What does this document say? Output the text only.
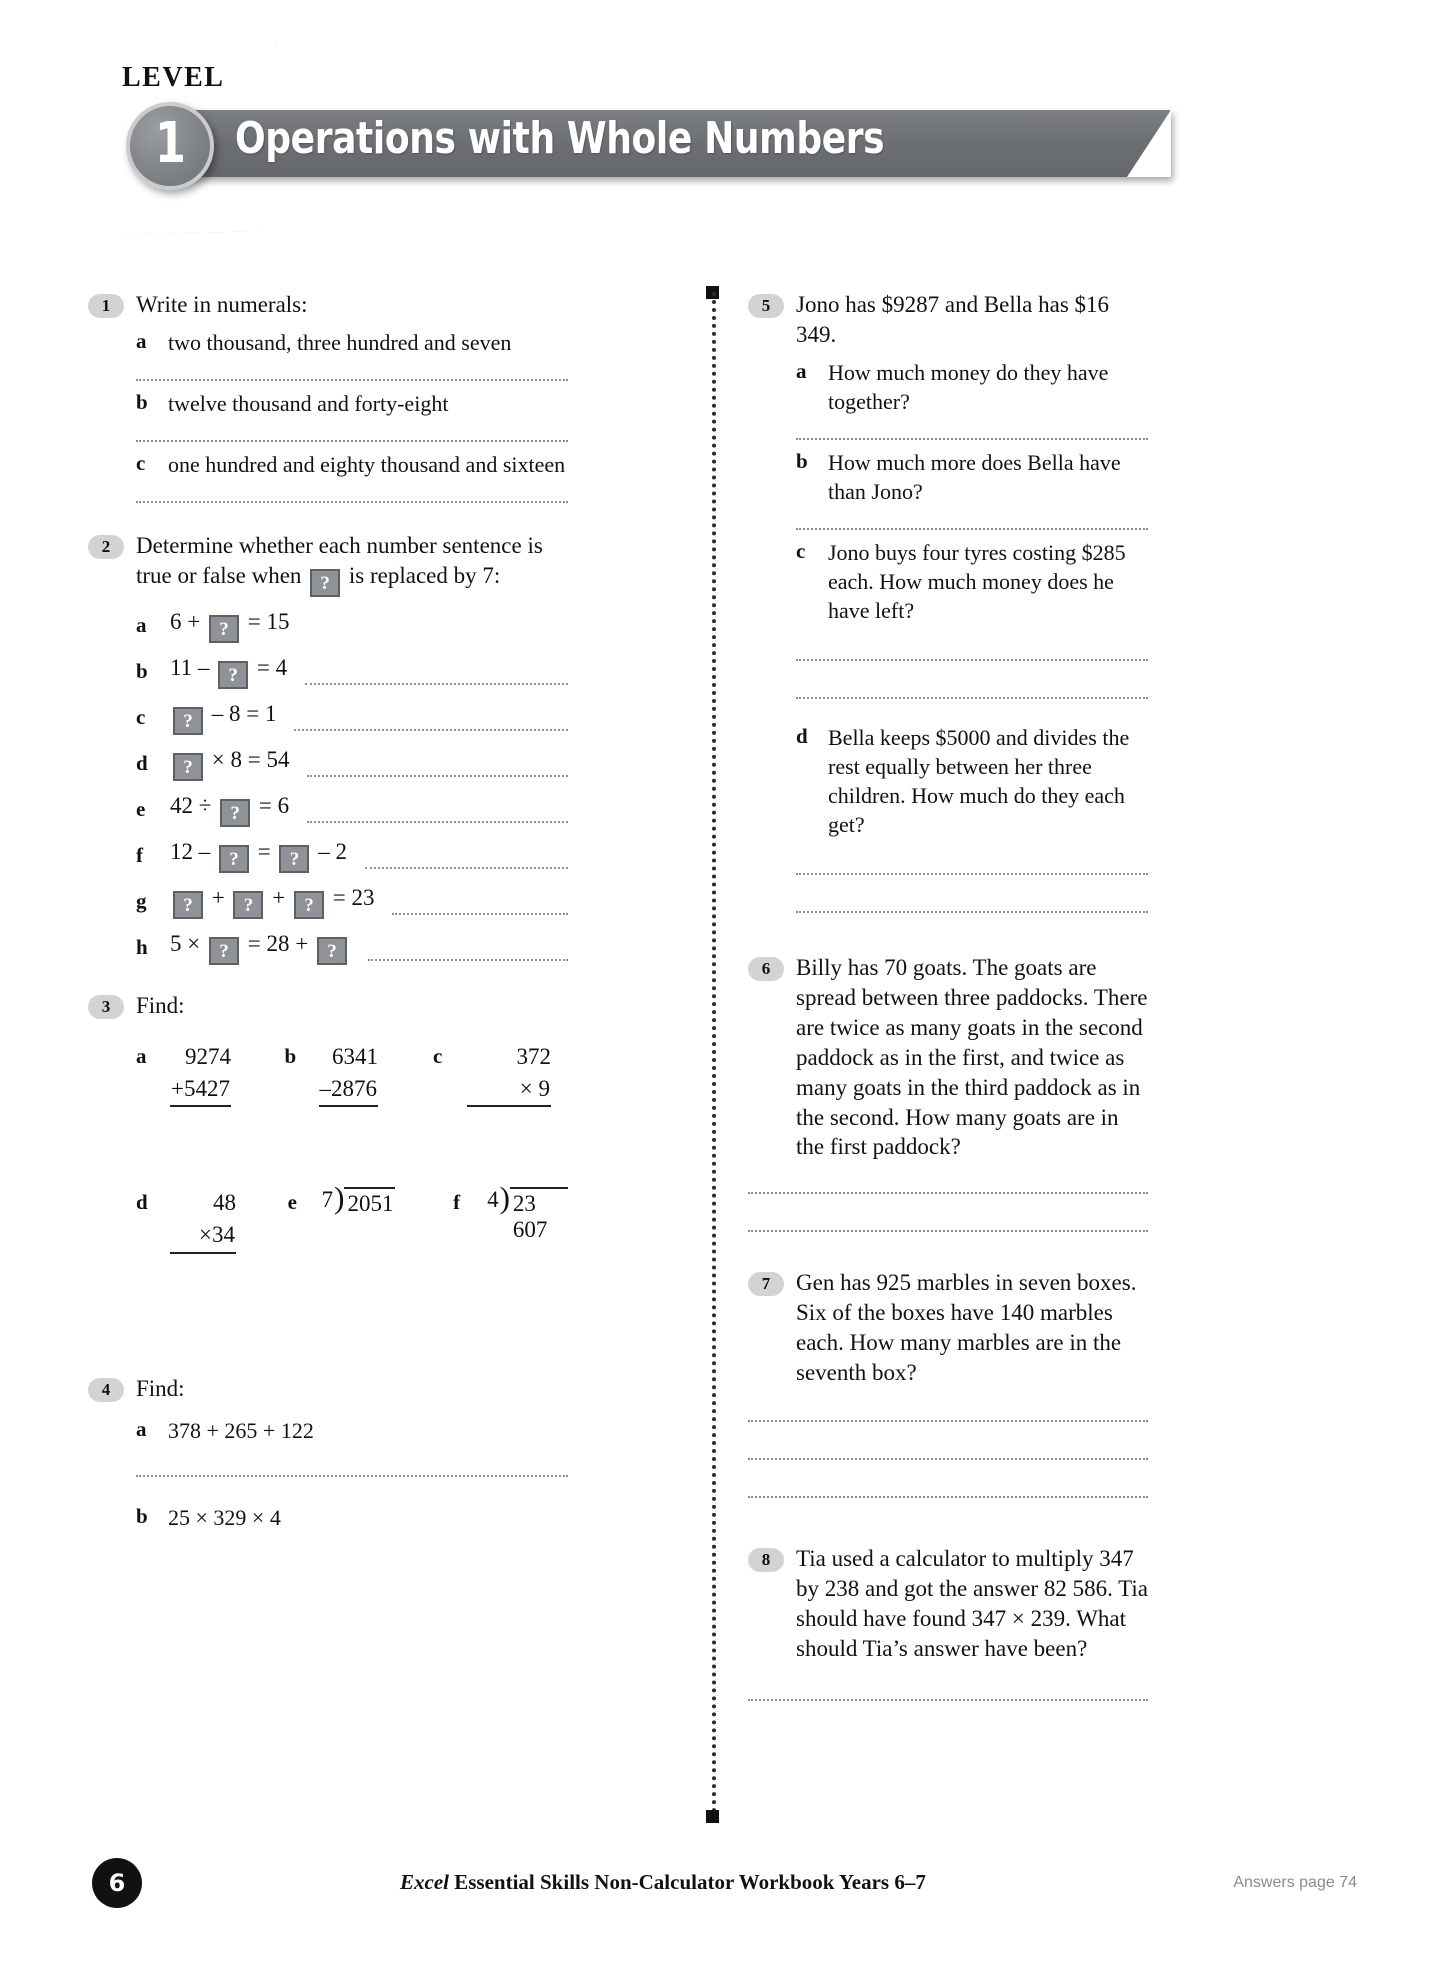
LEVEL
1 Operations with Whole Numbers
1	Write in numerals:
a two thousand, three hundred and seven
b twelve thousand and forty-eight
c	one hundred and eighty thousand and sixteen
2	Determine whether each number sentence is true or false when ? is replaced by 7:
a	6 + ? = 15
b 11 – ? = 4
c	? – 8 = 1
d	? × 8 = 54
e	42 ÷ ? = 6
f	12 – ? = ? – 2
g	? + ? + ? = 23
h 5 × ? = 28 + ?
3	Find:
a	9274
+5427
b	6341
–2876
c	372
× 9
d	48
×34
e	7 ) 2051	f	4 ) 23 607
4	Find:
a 378 + 265 + 122
b 25 × 329 × 4
5	Jono has $9287 and Bella has $16 349.
a How much money do they have together?
b How much more does Bella have than Jono?
c	Jono buys four tyres costing $285 each. How much money does he have left?
d Bella keeps $5000 and divides the rest equally between her three children. How much do they each get?
6	Billy has 70 goats. The goats are spread between three paddocks. There are twice as many goats in the second paddock as in the first, and twice as many goats in the third paddock as in the second. How many goats are in the first paddock?
7	Gen has 925 marbles in seven boxes. Six of the boxes have 140 marbles each. How many marbles are in the seventh box?
8	Tia used a calculator to multiply 347 by 238 and got the answer 82 586. Tia should have found 347 × 239. What should Tia’s answer have been?
6	Excel Essential Skills Non-Calculator Workbook Years 6–7	Answers page 74
